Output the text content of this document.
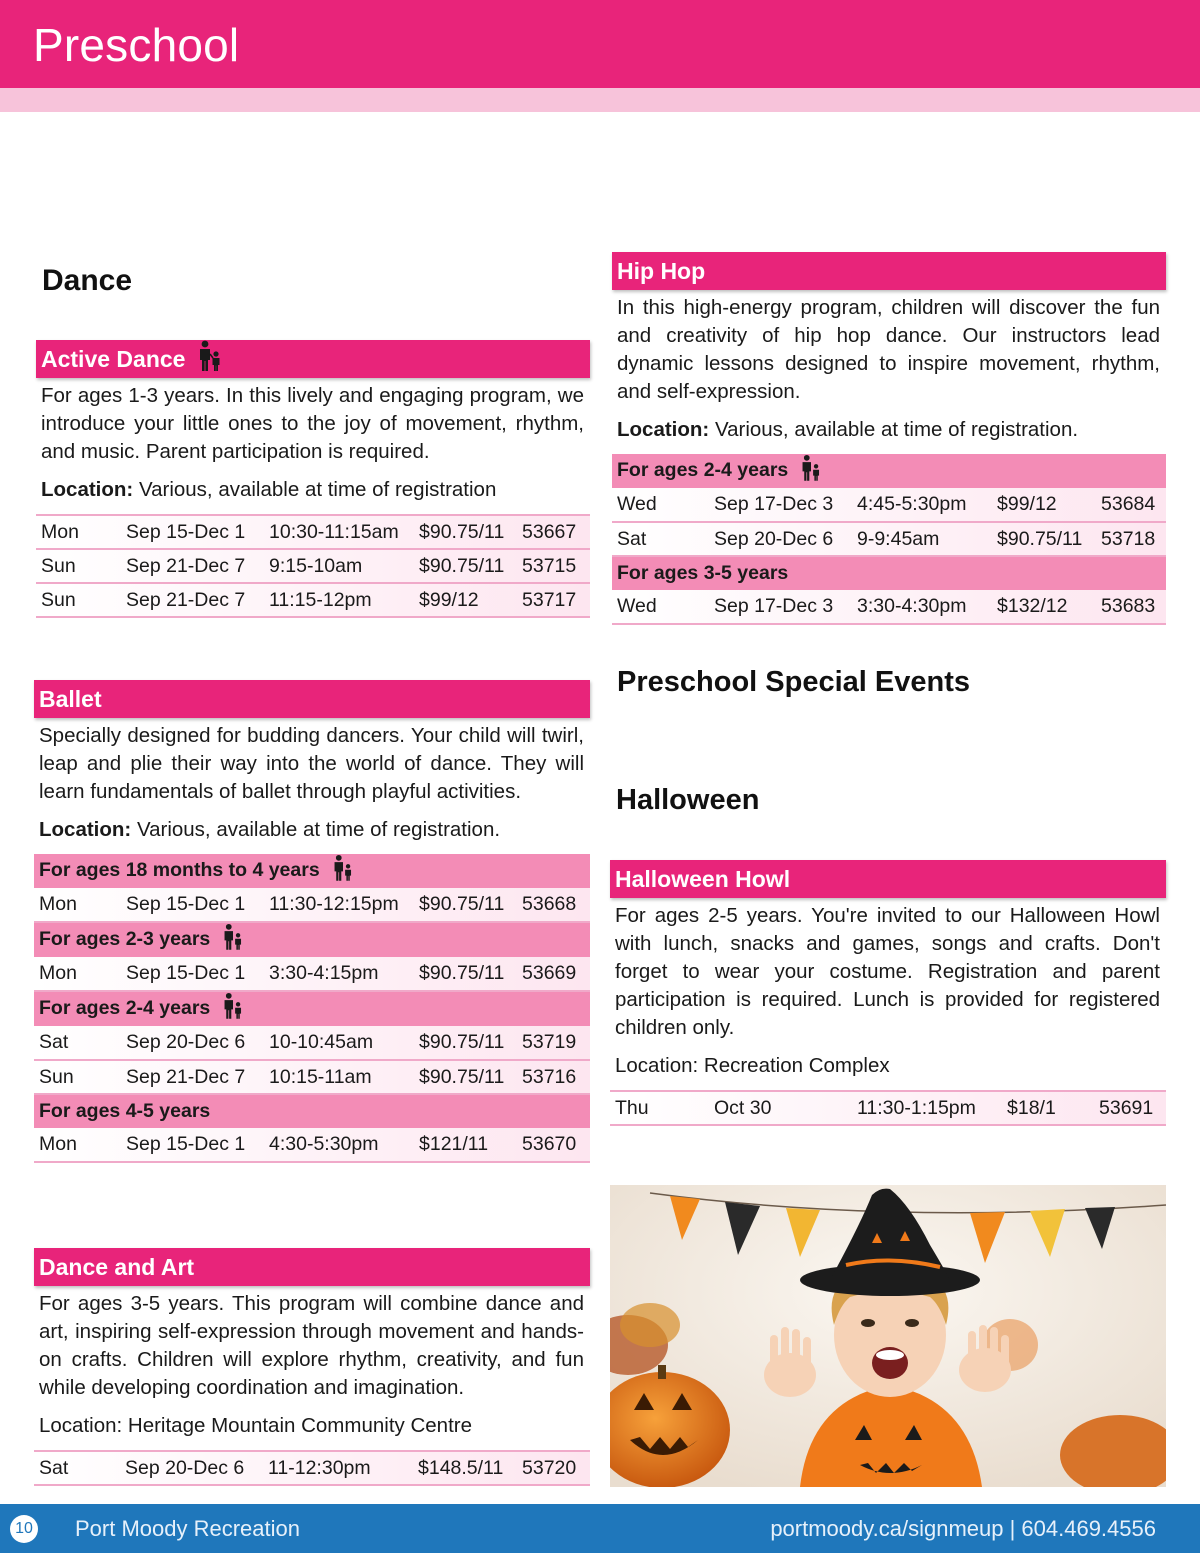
Preschool
Dance
Active Dance
For ages 1-3 years. In this lively and engaging program, we introduce your little ones to the joy of movement, rhythm, and music. Parent participation is required.
Location: Various, available at time of registration
Mon	Sep 15-Dec 1	10:30-11:15am	$90.75/11	53667
Sun	Sep 21-Dec 7	9:15-10am	$90.75/11	53715
Sun	Sep 21-Dec 7	11:15-12pm	$99/12	53717
Ballet
Specially designed for budding dancers. Your child will twirl, leap and plie their way into the world of dance. They will learn fundamentals of ballet through playful activities.
Location: Various, available at time of registration.
For ages 18 months to 4 years				
Mon	Sep 15-Dec 1	11:30-12:15pm	$90.75/11	53668
For ages 2-3 years				
Mon	Sep 15-Dec 1	3:30-4:15pm	$90.75/11	53669
For ages 2-4 years				
Sat	Sep 20-Dec 6	10-10:45am	$90.75/11	53719
Sun	Sep 21-Dec 7	10:15-11am	$90.75/11	53716
For ages 4-5 years				
Mon	Sep 15-Dec 1	4:30-5:30pm	$121/11	53670
Dance and Art
For ages 3-5 years. This program will combine dance and art, inspiring self-expression through movement and hands-on crafts. Children will explore rhythm, creativity, and fun while developing coordination and imagination.
Location: Heritage Mountain Community Centre
Sat	Sep 20-Dec 6	11-12:30pm	$148.5/11	53720
Hip Hop
In this high-energy program, children will discover the fun and creativity of hip hop dance. Our instructors lead dynamic lessons designed to inspire movement, rhythm, and self-expression.
Location: Various, available at time of registration.
For ages 2-4 years				
Wed	Sep 17-Dec 3	4:45-5:30pm	$99/12	53684
Sat	Sep 20-Dec 6	9-9:45am	$90.75/11	53718
For ages 3-5 years				
Wed	Sep 17-Dec 3	3:30-4:30pm	$132/12	53683
Preschool Special Events
Halloween
Halloween Howl
For ages 2-5 years. You're invited to our Halloween Howl with lunch, snacks and games, songs and crafts. Don't forget to wear your costume. Registration and parent participation is required. Lunch is provided for registered children only.
Location: Recreation Complex
Thu	Oct 30	11:30-1:15pm	$18/1	53691
10 Port Moody Recreation	portmoody.ca/signmeup | 604.469.4556
